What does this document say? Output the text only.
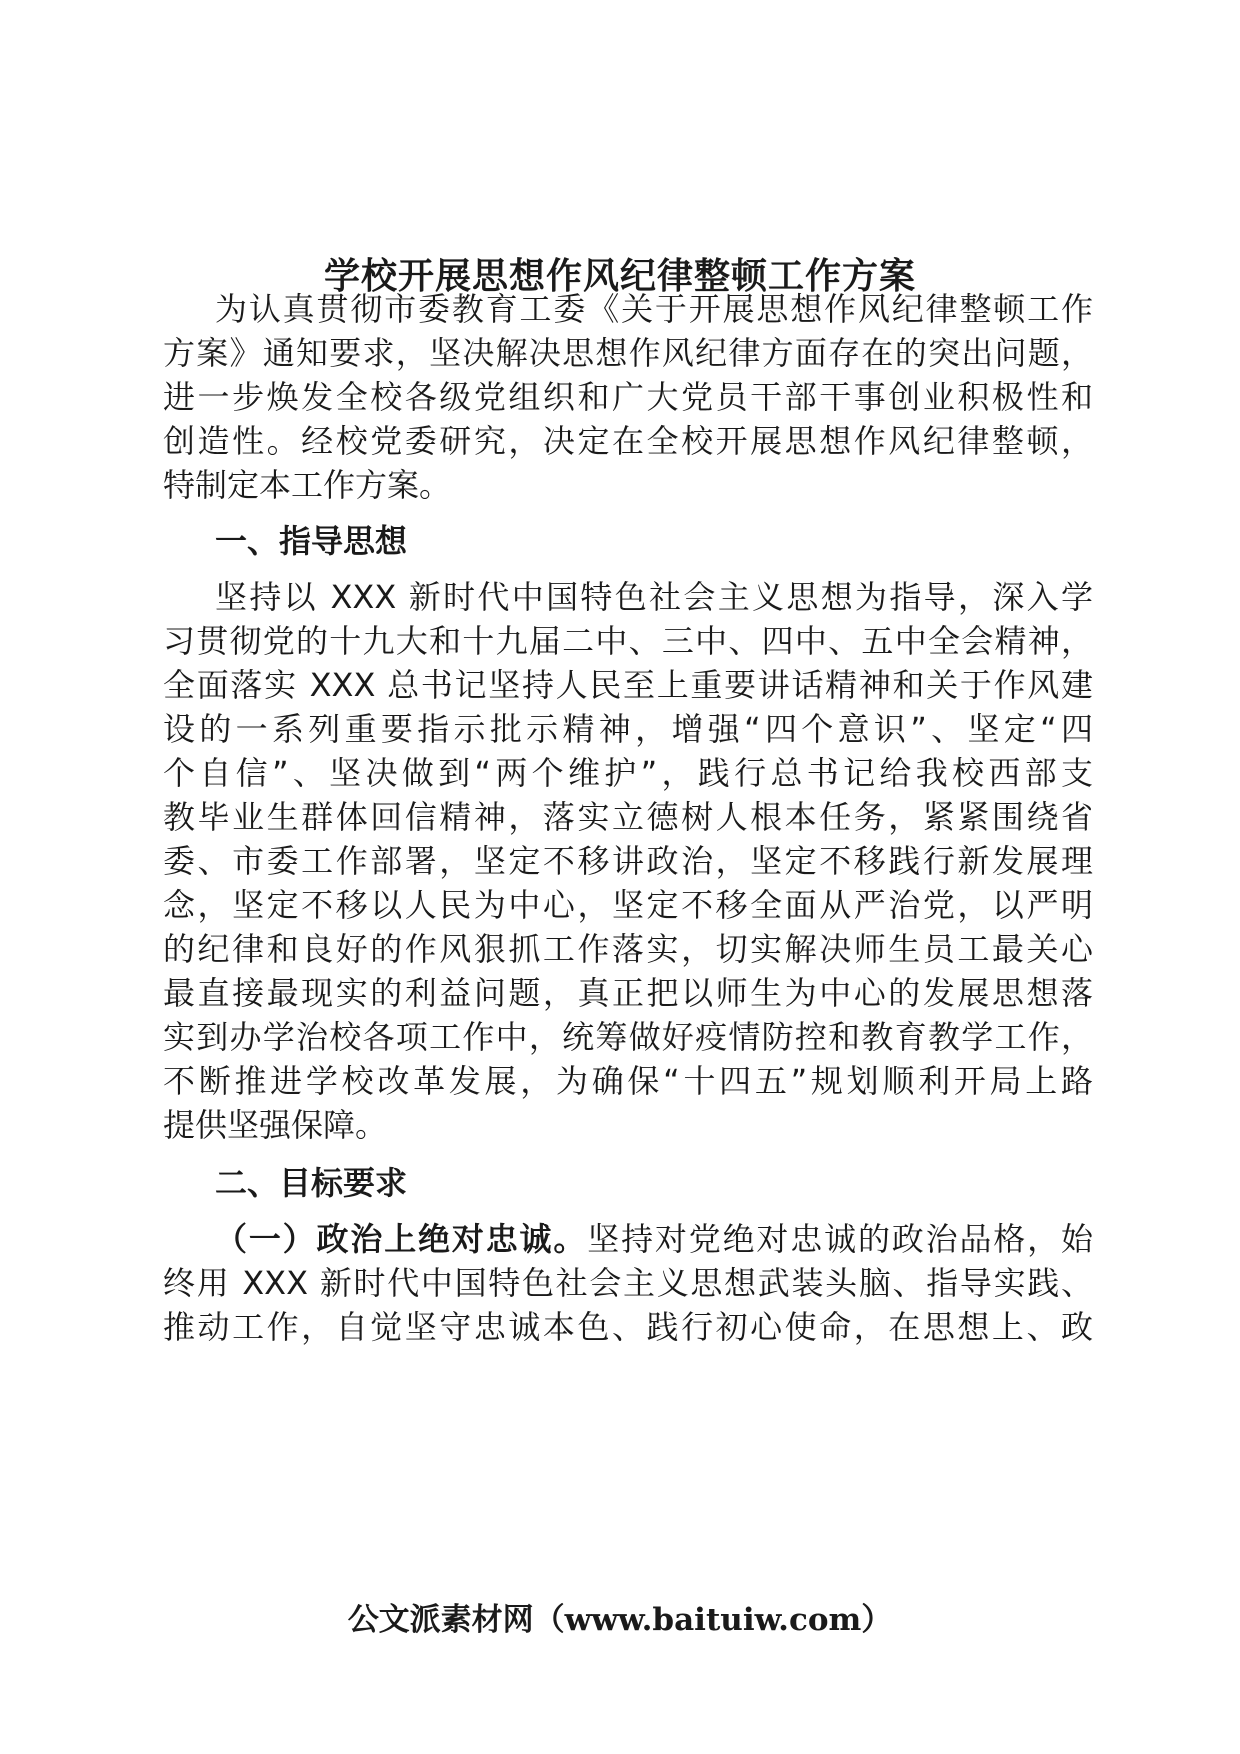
学校开展思想作风纪律整顿工作方案

为认真贯彻市委教育工委《关于开展思想作风纪律整顿工作

方案》通知要求，坚决解决思想作风纪律方面存在的突出问题，

进一步焕发全校各级党组织和广大党员干部干事创业积极性和

创造性。经校党委研究，决定在全校开展思想作风纪律整顿，

特制定本工作方案。

一、指导思想

坚持以 XXX 新时代中国特色社会主义思想为指导，深入学

习贯彻党的十九大和十九届二中、三中、四中、五中全会精神，

全面落实 XXX 总书记坚持人民至上重要讲话精神和关于作风建

设的一系列重要指示批示精神，增强“四个意识”、坚定“四

个自信”、坚决做到“两个维护”，践行总书记给我校西部支

教毕业生群体回信精神，落实立德树人根本任务，紧紧围绕省

委、市委工作部署，坚定不移讲政治，坚定不移践行新发展理

念，坚定不移以人民为中心，坚定不移全面从严治党，以严明

的纪律和良好的作风狠抓工作落实，切实解决师生员工最关心

最直接最现实的利益问题，真正把以师生为中心的发展思想落

实到办学治校各项工作中，统筹做好疫情防控和教育教学工作，

不断推进学校改革发展，为确保“十四五”规划顺利开局上路

提供坚强保障。

二、目标要求

（一）政治上绝对忠诚。坚持对党绝对忠诚的政治品格，始

终用 XXX 新时代中国特色社会主义思想武装头脑、指导实践、

推动工作，自觉坚守忠诚本色、践行初心使命，在思想上、政

公文派素材网（www.baituiw.com）
